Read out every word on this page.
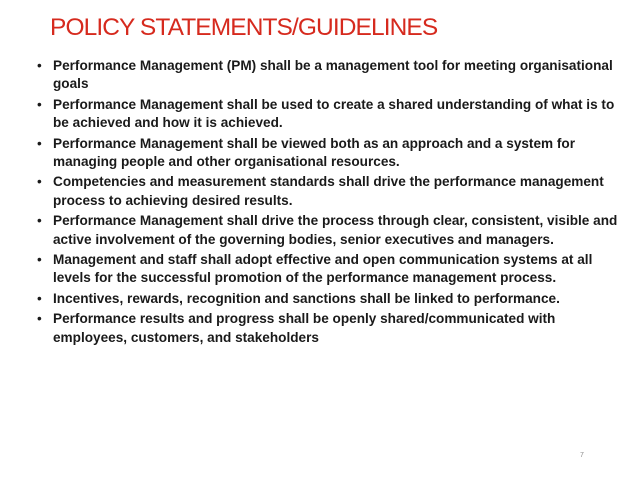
POLICY STATEMENTS/GUIDELINES
• Performance Management (PM) shall be a management tool for meeting organisational goals
• Performance Management shall be used to create a shared understanding of what is to be achieved and how it is achieved.
• Performance Management shall be viewed both as an approach and a system for managing people and other organisational resources.
• Competencies and measurement standards shall drive the performance management process to achieving desired results.
• Performance Management shall drive the process through clear, consistent, visible and active involvement of the governing bodies, senior executives and managers.
• Management and staff shall adopt effective and open communication systems at all levels for the successful promotion of the performance management process.
• Incentives, rewards, recognition and sanctions shall be linked to performance.
• Performance results and progress shall be openly shared/communicated with employees, customers, and stakeholders
7
